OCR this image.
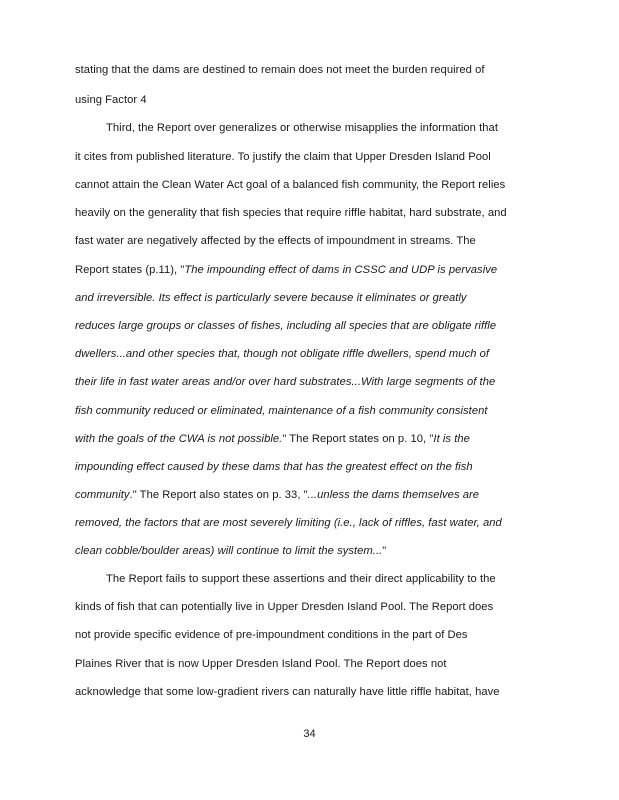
stating that the dams are destined to remain does not meet the burden required of
using Factor 4
Third, the Report over generalizes or otherwise misapplies the information that
it cites from published literature. To justify the claim that Upper Dresden Island Pool
cannot attain the Clean Water Act goal of a balanced fish community, the Report relies
heavily on the generality that fish species that require riffle habitat, hard substrate, and
fast water are negatively affected by the effects of impoundment in streams. The
Report states (p.11), "The impounding effect of dams in CSSC and UDP is pervasive
and irreversible. Its effect is particularly severe because it eliminates or greatly
reduces large groups or classes of fishes, including all species that are obligate riffle
dwellers...and other species that, though not obligate riffle dwellers, spend much of
their life in fast water areas and/or over hard substrates...With large segments of the
fish community reduced or eliminated, maintenance of a fish community consistent
with the goals of the CWA is not possible." The Report states on p. 10, "It is the
impounding effect caused by these dams that has the greatest effect on the fish
community." The Report also states on p. 33, "...unless the dams themselves are
removed, the factors that are most severely limiting (i.e., lack of riffles, fast water, and
clean cobble/boulder areas) will continue to limit the system..."
The Report fails to support these assertions and their direct applicability to the
kinds of fish that can potentially live in Upper Dresden Island Pool. The Report does
not provide specific evidence of pre-impoundment conditions in the part of Des
Plaines River that is now Upper Dresden Island Pool. The Report does not
acknowledge that some low-gradient rivers can naturally have little riffle habitat, have
34
